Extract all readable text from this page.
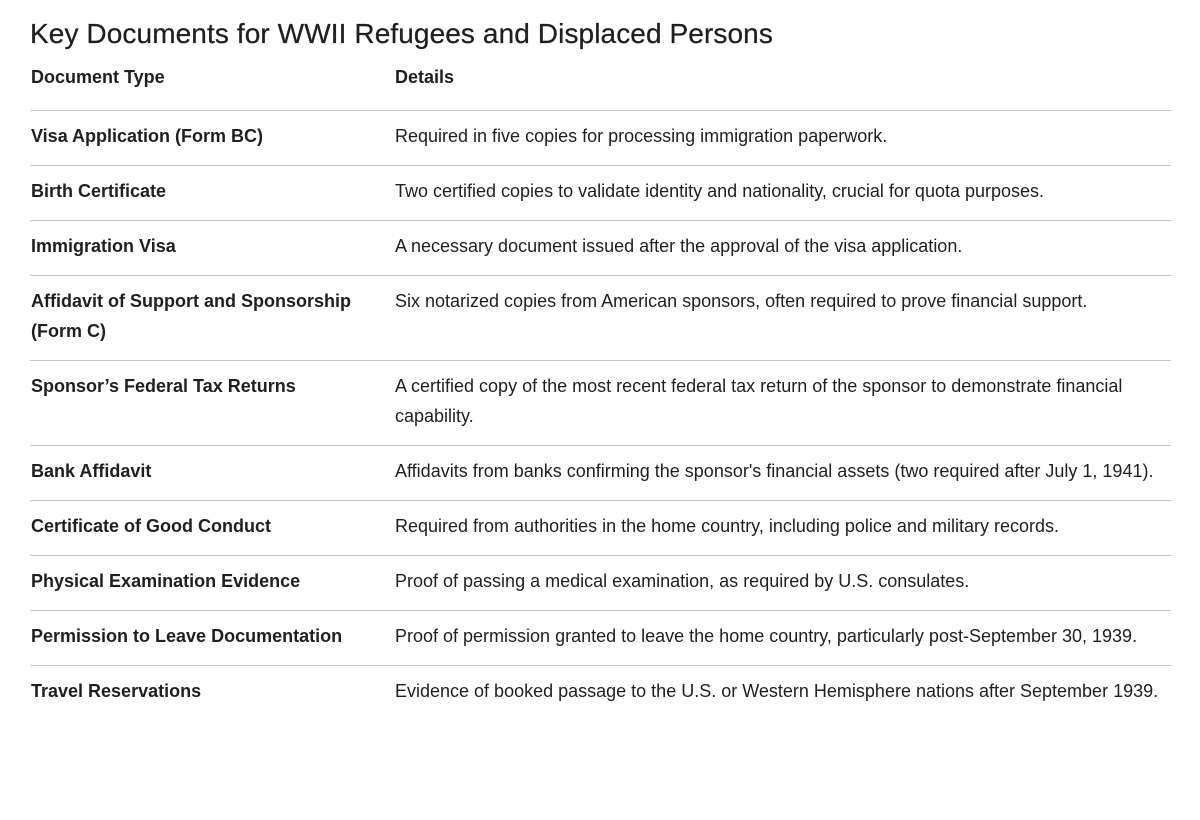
Key Documents for WWII Refugees and Displaced Persons
Document Type	Details
Visa Application (Form BC)	Required in five copies for processing immigration paperwork.
Birth Certificate	Two certified copies to validate identity and nationality, crucial for quota purposes.
Immigration Visa	A necessary document issued after the approval of the visa application.
Affidavit of Support and Sponsorship (Form C)	Six notarized copies from American sponsors, often required to prove financial support.
Sponsor’s Federal Tax Returns	A certified copy of the most recent federal tax return of the sponsor to demonstrate financial capability.
Bank Affidavit	Affidavits from banks confirming the sponsor's financial assets (two required after July 1, 1941).
Certificate of Good Conduct	Required from authorities in the home country, including police and military records.
Physical Examination Evidence	Proof of passing a medical examination, as required by U.S. consulates.
Permission to Leave Documentation	Proof of permission granted to leave the home country, particularly post-September 30, 1939.
Travel Reservations	Evidence of booked passage to the U.S. or Western Hemisphere nations after September 1939.
